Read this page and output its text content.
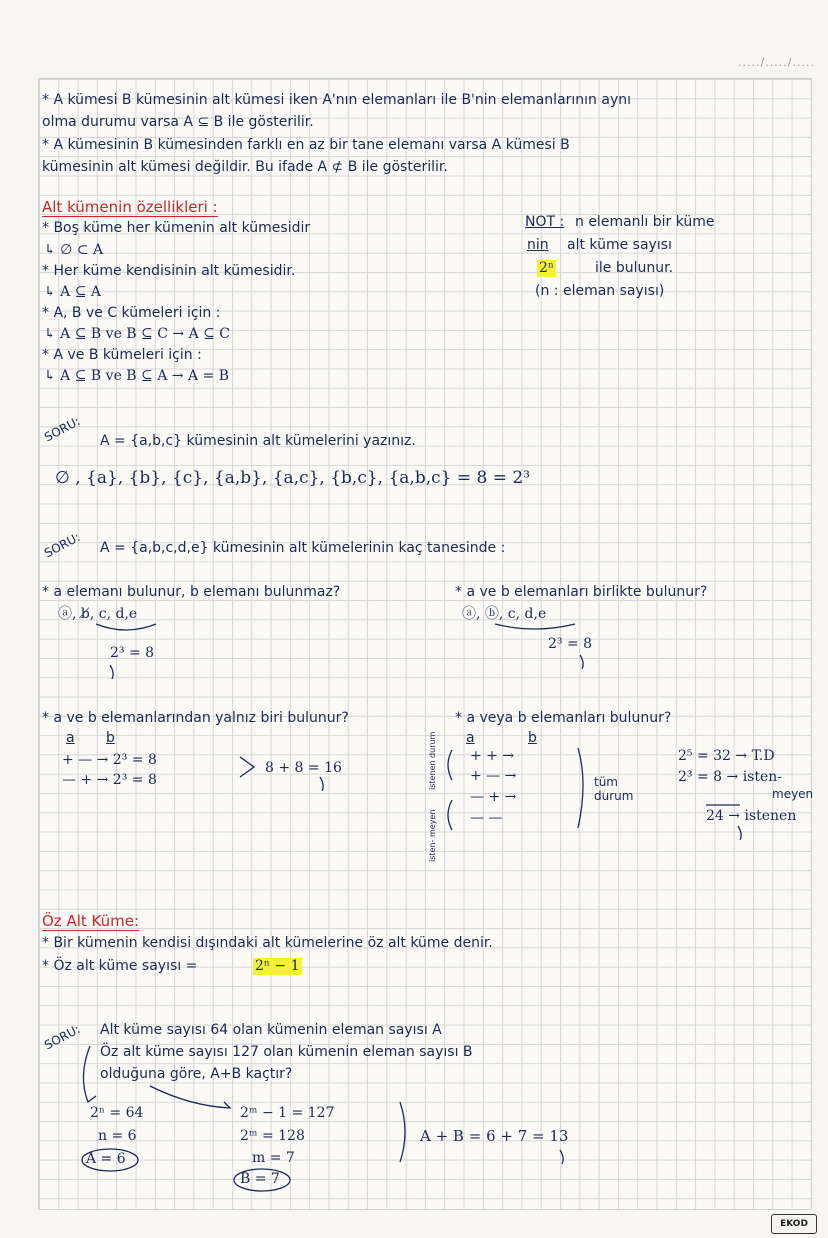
...../...../.....
* A kümesi B kümesinin alt kümesi iken A'nın elemanları ile B'nin elemanlarının aynı
olma durumu varsa A ⊆ B ile gösterilir.
* A kümesinin B kümesinden farklı en az bir tane elemanı varsa A kümesi B
kümesinin alt kümesi değildir. Bu ifade A ⊄ B ile gösterilir.
Alt kümenin özellikleri :
* Boş küme her kümenin alt kümesidir
↳ ∅ ⊂ A
* Her küme kendisinin alt kümesidir.
↳ A ⊆ A
* A, B ve C kümeleri için :
↳ A ⊆ B ve B ⊆ C → A ⊆ C
* A ve B kümeleri için :
↳ A ⊆ B ve B ⊆ A → A = B
NOT : n elemanlı bir küme
nin alt küme sayısı
2ⁿ	ile bulunur.
(n : eleman sayısı)
SORU: A = {a,b,c} kümesinin alt kümelerini yazınız.
∅ , {a}, {b}, {c}, {a,b}, {a,c}, {b,c}, {a,b,c} = 8 = 2³
SORU: A = {a,b,c,d,e} kümesinin alt kümelerinin kaç tanesinde :
* a elemanı bulunur, b elemanı bulunmaz?
ⓐ, b̸, c, d,e
2³ = 8
* a ve b elemanları birlikte bulunur?
ⓐ, ⓑ, c, d,e
2³ = 8
* a ve b elemanlarından yalnız biri bulunur?
a b
+ — → 2³ = 8
— + → 2³ = 8
8 + 8 = 16
* a veya b elemanları bulunur?
a	b
istenen durum
isten- meyen
+ + →
+ — →
— + →
— —
tüm durum
2⁵ = 32 → T.D
2³ = 8 → isten-
meyen
24 → istenen
Öz Alt Küme:
* Bir kümenin kendisi dışındaki alt kümelerine öz alt küme denir.
* Öz alt küme sayısı =	2ⁿ − 1
SORU: Alt küme sayısı 64 olan kümenin eleman sayısı A
Öz alt küme sayısı 127 olan kümenin eleman sayısı B
olduğuna göre, A+B kaçtır?
2ⁿ = 64
n = 6
A = 6
2ᵐ − 1 = 127
2ᵐ = 128
m = 7
B = 7
A + B = 6 + 7 = 13
EKOD
